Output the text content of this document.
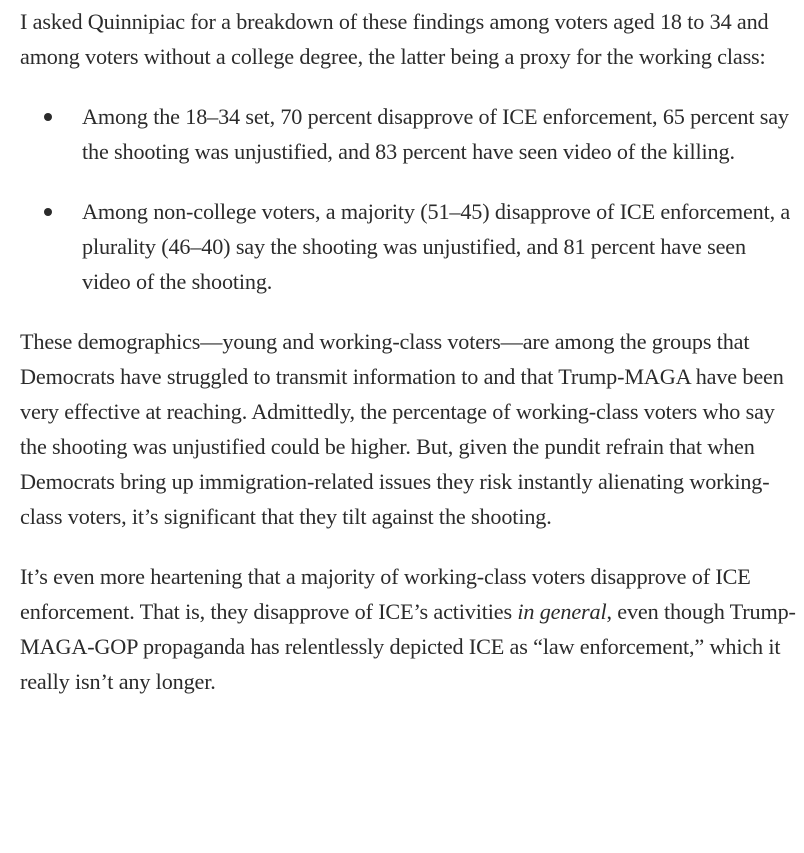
I asked Quinnipiac for a breakdown of these findings among voters aged 18 to 34 and among voters without a college degree, the latter being a proxy for the working class:

Among the 18–34 set, 70 percent disapprove of ICE enforcement, 65 percent say the shooting was unjustified, and 83 percent have seen video of the killing.
Among non-college voters, a majority (51–45) disapprove of ICE enforcement, a plurality (46–40) say the shooting was unjustified, and 81 percent have seen video of the shooting.

These demographics—young and working-class voters—are among the groups that Democrats have struggled to transmit information to and that Trump-MAGA have been very effective at reaching. Admittedly, the percentage of working-class voters who say the shooting was unjustified could be higher. But, given the pundit refrain that when Democrats bring up immigration-related issues they risk instantly alienating working-class voters, it’s significant that they tilt against the shooting.

It’s even more heartening that a majority of working-class voters disapprove of ICE enforcement. That is, they disapprove of ICE’s activities in general, even though Trump-MAGA-GOP propaganda has relentlessly depicted ICE as “law enforcement,” which it really isn’t any longer.
